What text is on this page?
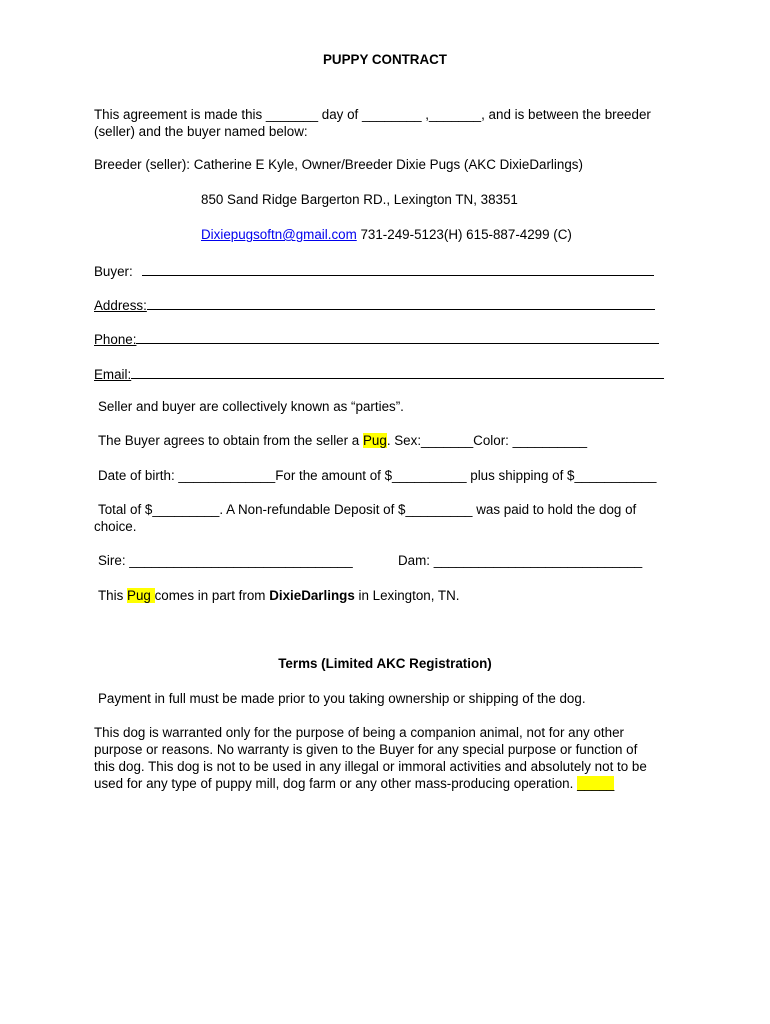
PUPPY CONTRACT
This agreement is made this _______ day of ________ ,_______, and is between the breeder
(seller) and the buyer named below:
Breeder (seller): Catherine E Kyle, Owner/Breeder Dixie Pugs (AKC DixieDarlings)
850 Sand Ridge Bargerton RD., Lexington TN, 38351
Dixiepugsoftn@gmail.com 731-249-5123(H) 615-887-4299 (C)
Buyer:
Address:
Phone:
Email:
Seller and buyer are collectively known as “parties”.
The Buyer agrees to obtain from the seller a Pug. Sex:_______Color: __________
Date of birth: _____________For the amount of $__________ plus shipping of $___________
Total of $_________. A Non-refundable Deposit of $_________ was paid to hold the dog of
choice.
Sire: ______________________________	Dam: ____________________________
This Pug comes in part from DixieDarlings in Lexington, TN.
Terms (Limited AKC Registration)
Payment in full must be made prior to you taking ownership or shipping of the dog.
This dog is warranted only for the purpose of being a companion animal, not for any other
purpose or reasons. No warranty is given to the Buyer for any special purpose or function of
this dog. This dog is not to be used in any illegal or immoral activities and absolutely not to be
used for any type of puppy mill, dog farm or any other mass-producing operation. _____
